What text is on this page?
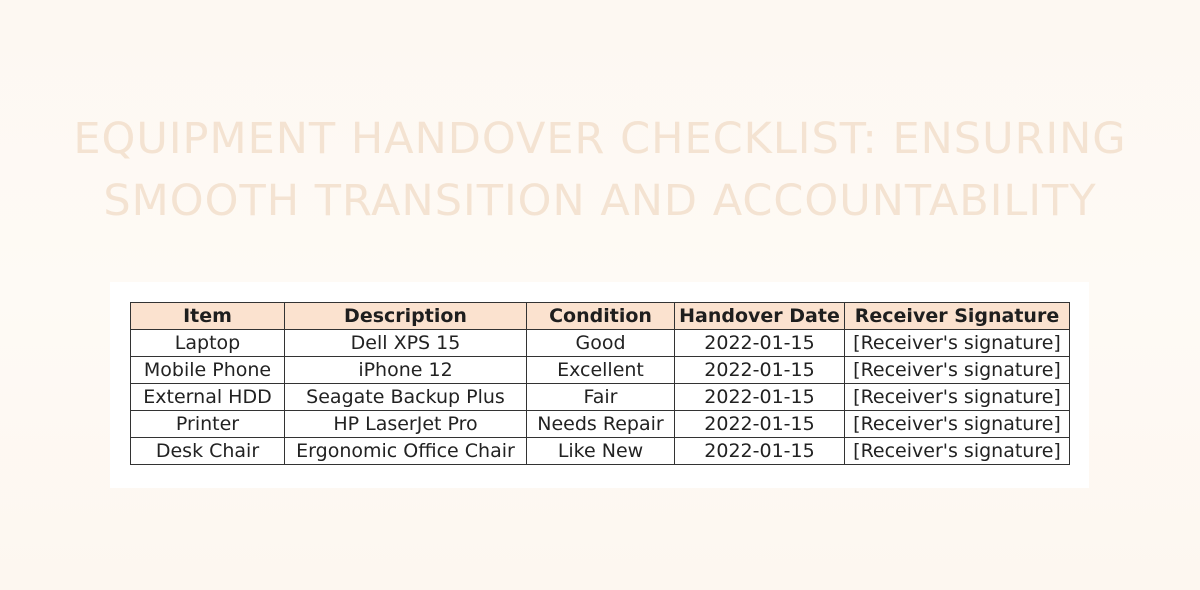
EQUIPMENT HANDOVER CHECKLIST: ENSURING SMOOTH TRANSITION AND ACCOUNTABILITY
Item	Description	Condition	Handover Date	Receiver Signature
Laptop	Dell XPS 15	Good	2022-01-15	[Receiver's signature]
Mobile Phone	iPhone 12	Excellent	2022-01-15	[Receiver's signature]
External HDD	Seagate Backup Plus	Fair	2022-01-15	[Receiver's signature]
Printer	HP LaserJet Pro	Needs Repair	2022-01-15	[Receiver's signature]
Desk Chair	Ergonomic Office Chair	Like New	2022-01-15	[Receiver's signature]
